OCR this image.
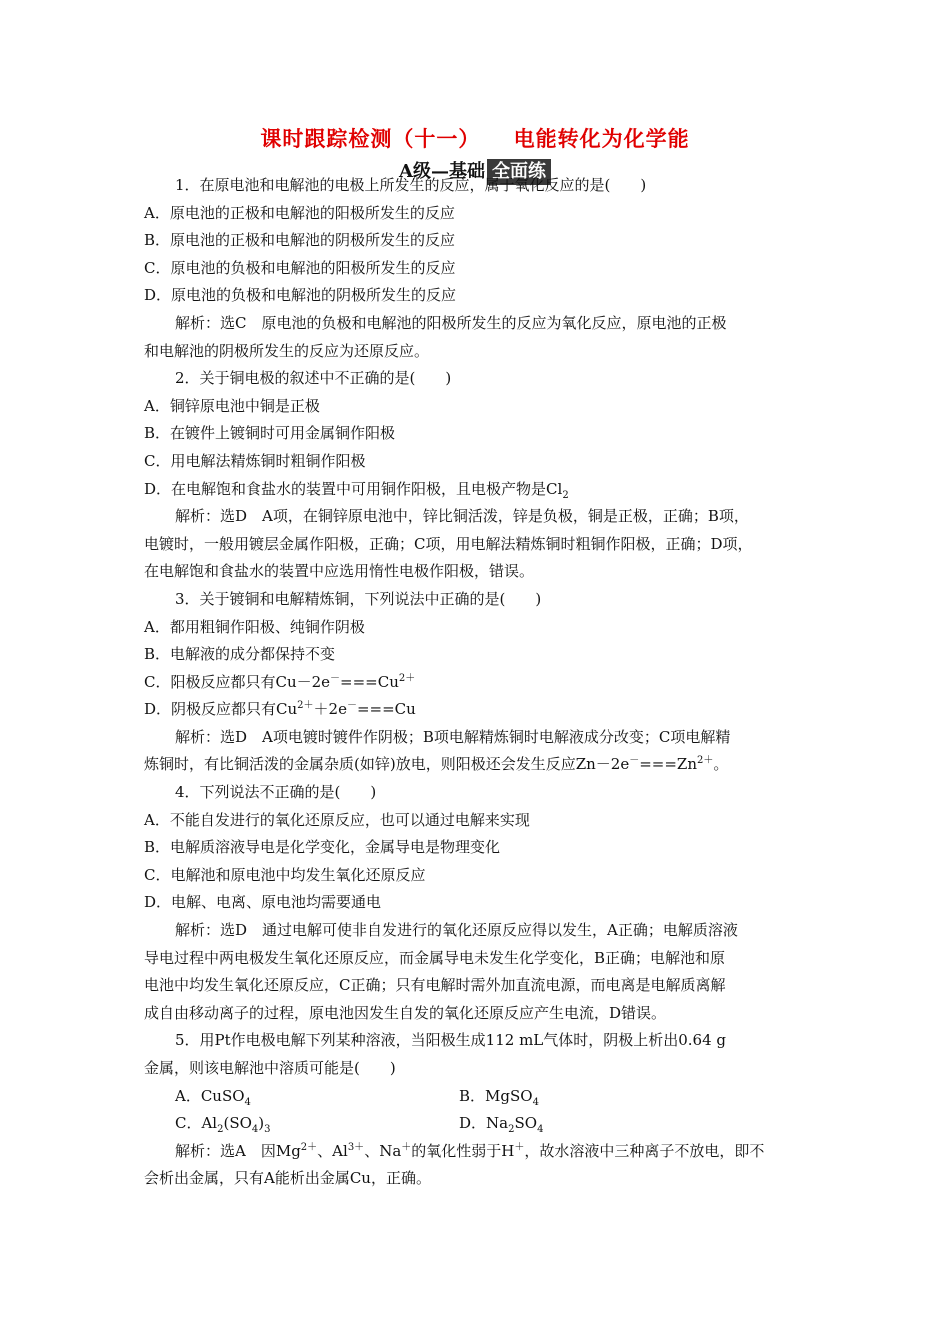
课时跟踪检测（十一）    电能转化为化学能
A级—基础 全面练
1．在原电池和电解池的电极上所发生的反应，属于氧化反应的是(　　)
A．原电池的正极和电解池的阳极所发生的反应
B．原电池的正极和电解池的阴极所发生的反应
C．原电池的负极和电解池的阳极所发生的反应
D．原电池的负极和电解池的阴极所发生的反应
解析：选C　原电池的负极和电解池的阳极所发生的反应为氧化反应，原电池的正极
和电解池的阴极所发生的反应为还原反应。
2．关于铜电极的叙述中不正确的是(　　)
A．铜锌原电池中铜是正极
B．在镀件上镀铜时可用金属铜作阳极
C．用电解法精炼铜时粗铜作阳极
D．在电解饱和食盐水的装置中可用铜作阳极，且电极产物是$Cl_2$
解析：选D　A项，在铜锌原电池中，锌比铜活泼，锌是负极，铜是正极，正确；B项，
电镀时，一般用镀层金属作阳极，正确；C项，用电解法精炼铜时粗铜作阳极，正确；D项，
在电解饱和食盐水的装置中应选用惰性电极作阳极，错误。
3．关于镀铜和电解精炼铜，下列说法中正确的是(　　)
A．都用粗铜作阳极、纯铜作阴极
B．电解液的成分都保持不变
C．阳极反应都只有$Cu-2e^-===Cu^{2+}$
D．阴极反应都只有$Cu^{2+}+2e^-===Cu$
解析：选D　A项电镀时镀件作阴极；B项电解精炼铜时电解液成分改变；C项电解精
炼铜时，有比铜活泼的金属杂质(如锌)放电，则阳极还会发生反应$Zn-2e^-===Zn^{2+}$。
4．下列说法不正确的是(　　)
A．不能自发进行的氧化还原反应，也可以通过电解来实现
B．电解质溶液导电是化学变化，金属导电是物理变化
C．电解池和原电池中均发生氧化还原反应
D．电解、电离、原电池均需要通电
解析：选D　通过电解可使非自发进行的氧化还原反应得以发生，A正确；电解质溶液
导电过程中两电极发生氧化还原反应，而金属导电未发生化学变化，B正确；电解池和原
电池中均发生氧化还原反应，C正确；只有电解时需外加直流电源，而电离是电解质离解
成自由移动离子的过程，原电池因发生自发的氧化还原反应产生电流，D错误。
5．用Pt作电极电解下列某种溶液，当阳极生成112 mL气体时，阴极上析出0.64 g
金属，则该电解池中溶质可能是(　　)
A．CuSO$_4$	B．MgSO$_4$
C．$Al_2(SO_4)_3$	D．$Na_2SO_4$
解析：选A　因$Mg^{2+}$、$Al^{3+}$、Na＋的氧化性弱于H＋，故水溶液中三种离子不放电，即不
会析出金属，只有A能析出金属Cu，正确。
